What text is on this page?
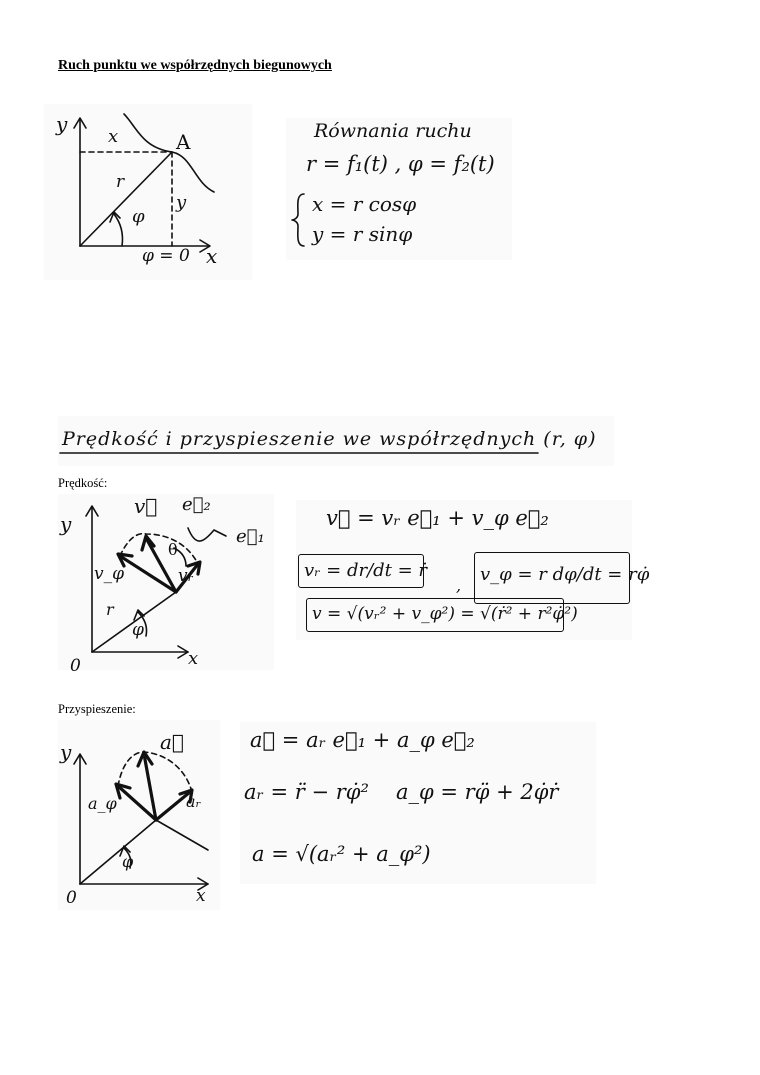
Ruch punktu we współrzędnych biegunowych
y
x
x
y
A
r
φ
φ = 0
Równania ruchu
r = f₁(t) , φ = f₂(t)
x = r cosφ
y = r sinφ
Prędkość i przyspieszenie we współrzędnych (r, φ)
Prędkość:
y
x
0
v⃗
vᵣ
v_φ
r
φ
θ
e⃗₂
e⃗₁
v⃗ = vᵣ e⃗₁ + v_φ e⃗₂
vᵣ = dr/dt = ṙ
,
v_φ = r dφ/dt = rφ̇
v = √(vᵣ² + v_φ²) = √(ṙ² + r²φ̇²)
Przyspieszenie:
y
x
0
a⃗
aᵣ
a_φ
φ
a⃗ = aᵣ e⃗₁ + a_φ e⃗₂
aᵣ = r̈ − rφ̇² a_φ = rφ̈ + 2φ̇ṙ
a = √(aᵣ² + a_φ²)
